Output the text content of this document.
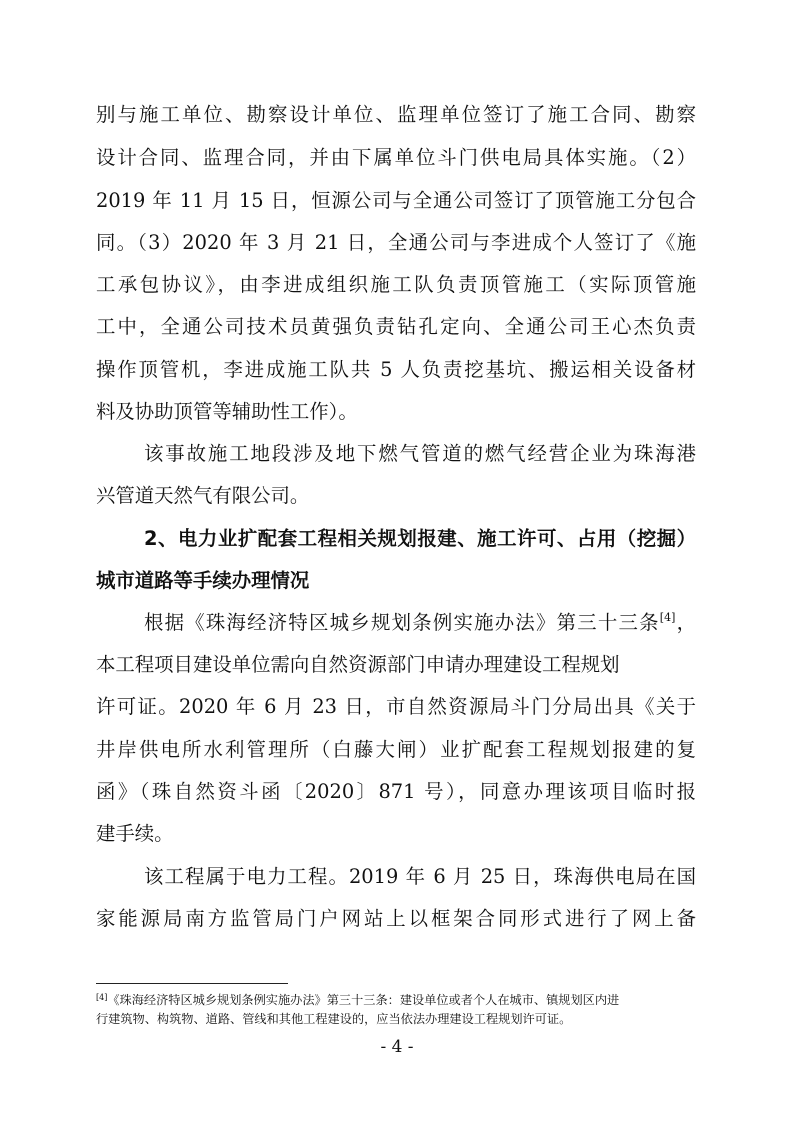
别与施工单位、勘察设计单位、监理单位签订了施工合同、勘察

设计合同、监理合同，并由下属单位斗门供电局具体实施。（2）

2019 年 11 月 15 日，恒源公司与全通公司签订了顶管施工分包合

同。（3）2020 年 3 月 21 日，全通公司与李进成个人签订了《施

工承包协议》，由李进成组织施工队负责顶管施工（实际顶管施

工中，全通公司技术员黄强负责钻孔定向、全通公司王心杰负责

操作顶管机，李进成施工队共 5 人负责挖基坑、搬运相关设备材

料及协助顶管等辅助性工作）。

该事故施工地段涉及地下燃气管道的燃气经营企业为珠海港

兴管道天然气有限公司。

2、电力业扩配套工程相关规划报建、施工许可、占用（挖掘）

城市道路等手续办理情况

根据《珠海经济特区城乡规划条例实施办法》第三十三条[4]，

本工程项目建设单位需向自然资源部门申请办理建设工程规划

许可证。2020 年 6 月 23 日，市自然资源局斗门分局出具《关于

井岸供电所水利管理所（白藤大闸）业扩配套工程规划报建的复

函》（珠自然资斗函〔2020〕871 号），同意办理该项目临时报

建手续。

该工程属于电力工程。2019 年 6 月 25 日，珠海供电局在国

家能源局南方监管局门户网站上以框架合同形式进行了网上备

[4]《珠海经济特区城乡规划条例实施办法》第三十三条：建设单位或者个人在城市、镇规划区内进

行建筑物、构筑物、道路、管线和其他工程建设的，应当依法办理建设工程规划许可证。

- 4 -
